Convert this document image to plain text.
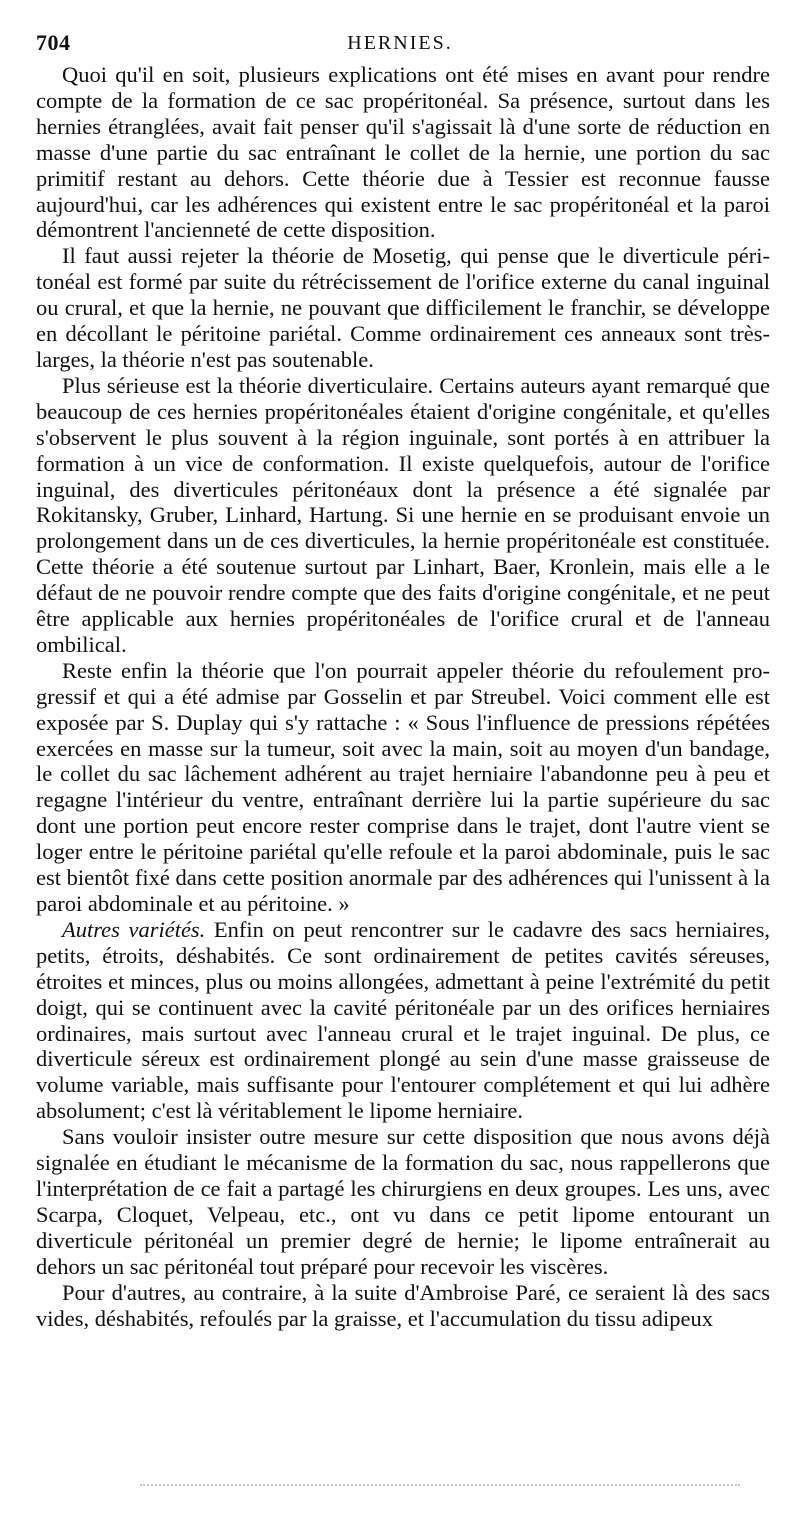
704	HERNIES.

Quoi qu'il en soit, plusieurs explications ont été mises en avant pour rendre compte de la formation de ce sac propéritonéal. Sa présence, surtout dans les hernies étranglées, avait fait penser qu'il s'agissait là d'une sorte de réduction en masse d'une partie du sac entraînant le collet de la hernie, une portion du sac primitif restant au dehors. Cette théorie due à Tessier est reconnue fausse aujourd'hui, car les adhérences qui existent entre le sac propéritonéal et la paroi démontrent l'ancienneté de cette disposition.

Il faut aussi rejeter la théorie de Mosetig, qui pense que le diverticule péritonéal est formé par suite du rétrécissement de l'orifice externe du canal inguinal ou crural, et que la hernie, ne pouvant que difficilement le franchir, se développe en décollant le péritoine pariétal. Comme ordinairement ces anneaux sont très-larges, la théorie n'est pas soutenable.

Plus sérieuse est la théorie diverticulaire. Certains auteurs ayant remarqué que beaucoup de ces hernies propéritonéales étaient d'origine congénitale, et qu'elles s'observent le plus souvent à la région inguinale, sont portés à en attribuer la formation à un vice de conformation. Il existe quelquefois, autour de l'orifice inguinal, des diverticules péritonéaux dont la présence a été signalée par Rokitansky, Gruber, Linhard, Hartung. Si une hernie en se produisant envoie un prolongement dans un de ces diverticules, la hernie propéritonéale est constituée. Cette théorie a été soutenue surtout par Linhart, Baer, Kronlein, mais elle a le défaut de ne pouvoir rendre compte que des faits d'origine congénitale, et ne peut être applicable aux hernies propéritonéales de l'orifice crural et de l'anneau ombilical.

Reste enfin la théorie que l'on pourrait appeler théorie du refoulement progressif et qui a été admise par Gosselin et par Streubel. Voici comment elle est exposée par S. Duplay qui s'y rattache : « Sous l'influence de pressions répétées exercées en masse sur la tumeur, soit avec la main, soit au moyen d'un bandage, le collet du sac lâchement adhérent au trajet herniaire l'abandonne peu à peu et regagne l'intérieur du ventre, entraînant derrière lui la partie supérieure du sac dont une portion peut encore rester comprise dans le trajet, dont l'autre vient se loger entre le péritoine pariétal qu'elle refoule et la paroi abdominale, puis le sac est bientôt fixé dans cette position anormale par des adhérences qui l'unissent à la paroi abdominale et au péritoine. »

Autres variétés. Enfin on peut rencontrer sur le cadavre des sacs herniaires, petits, étroits, déshabités. Ce sont ordinairement de petites cavités séreuses, étroites et minces, plus ou moins allongées, admettant à peine l'extrémité du petit doigt, qui se continuent avec la cavité péritonéale par un des orifices herniaires ordinaires, mais surtout avec l'anneau crural et le trajet inguinal. De plus, ce diverticule séreux est ordinairement plongé au sein d'une masse graisseuse de volume variable, mais suffisante pour l'entourer complétement et qui lui adhère absolument; c'est là véritablement le lipome herniaire.

Sans vouloir insister outre mesure sur cette disposition que nous avons déjà signalée en étudiant le mécanisme de la formation du sac, nous rappellerons que l'interprétation de ce fait a partagé les chirurgiens en deux groupes. Les uns, avec Scarpa, Cloquet, Velpeau, etc., ont vu dans ce petit lipome entourant un diverticule péritonéal un premier degré de hernie; le lipome entraînerait au dehors un sac péritonéal tout préparé pour recevoir les viscères.

Pour d'autres, au contraire, à la suite d'Ambroise Paré, ce seraient là des sacs vides, déshabités, refoulés par la graisse, et l'accumulation du tissu adipeux
